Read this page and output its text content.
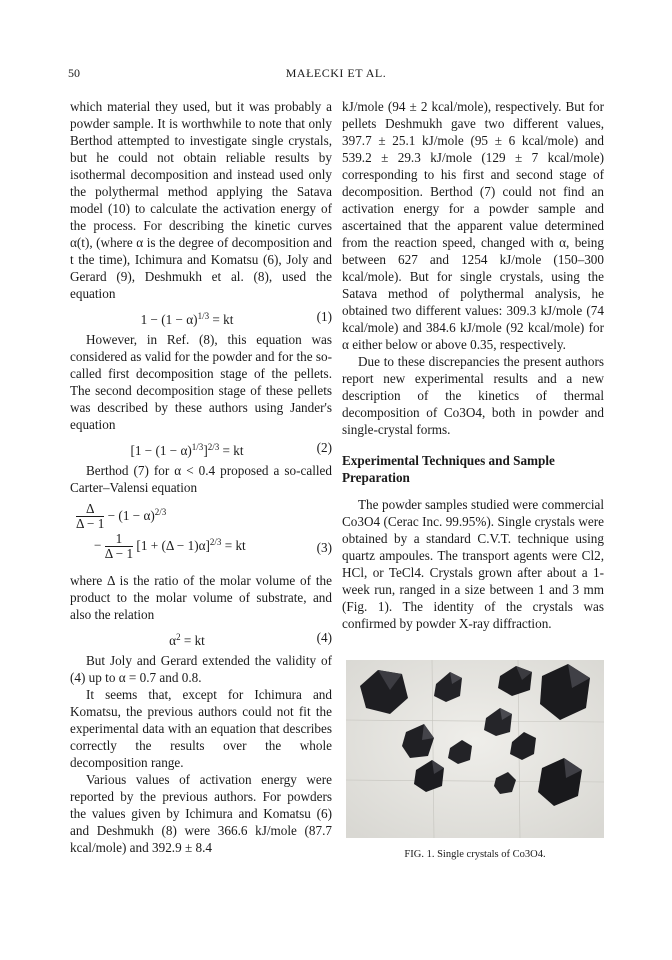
50	MAŁECKI ET AL.

which material they used, but it was probably a powder sample. It is worthwhile to note that only Berthod attempted to investigate single crystals, but he could not obtain reliable results by isothermal decomposition and instead used only the polythermal method applying the Satava model (10) to calculate the activation energy of the process. For describing the kinetic curves α(t), (where α is the degree of decomposition and t the time), Ichimura and Komatsu (6), Joly and Gerard (9), Deshmukh et al. (8), used the equation

$1 - (1 - \alpha)^{1/3}$ = kt	(1)

However, in Ref. (8), this equation was considered as valid for the powder and for the so-called first decomposition stage of the pellets. The second decomposition stage of these pellets was described by these authors using Jander's equation

$[1 - (1 - \alpha)^{1/3}]^{2/3}$ = kt	(2)

Berthod (7) for α < 0.4 proposed a so-called Carter–Valensi equation

$\frac{\Delta}{\Delta - 1} - (1 - \alpha)^{2/3}$
− $\frac{1}{\Delta - 1} [1 + (\Delta - 1)\alpha]^{2/3}$ = kt	(3)

where Δ is the ratio of the molar volume of the product to the molar volume of substrate, and also the relation

$\alpha^2$ = kt	(4)

But Joly and Gerard extended the validity of (4) up to α = 0.7 and 0.8.

It seems that, except for Ichimura and Komatsu, the previous authors could not fit the experimental data with an equation that describes correctly the results over the whole decomposition range.

Various values of activation energy were reported by the previous authors. For powders the values given by Ichimura and Komatsu (6) and Deshmukh (8) were 366.6 kJ/mole (87.7 kcal/mole) and 392.9 ± 8.4

kJ/mole (94 ± 2 kcal/mole), respectively. But for pellets Deshmukh gave two different values, 397.7 ± 25.1 kJ/mole (95 ± 6 kcal/mole) and 539.2 ± 29.3 kJ/mole (129 ± 7 kcal/mole) corresponding to his first and second stage of decomposition. Berthod (7) could not find an activation energy for a powder sample and ascertained that the apparent value determined from the reaction speed, changed with α, being between 627 and 1254 kJ/mole (150–300 kcal/mole). But for single crystals, using the Satava method of polythermal analysis, he obtained two different values: 309.3 kJ/mole (74 kcal/mole) and 384.6 kJ/mole (92 kcal/mole) for α either below or above 0.35, respectively.

Due to these discrepancies the present authors report new experimental results and a new description of the kinetics of thermal decomposition of Co3O4, both in powder and single-crystal forms.

Experimental Techniques and Sample Preparation

The powder samples studied were commercial Co3O4 (Cerac Inc. 99.95%). Single crystals were obtained by a standard C.V.T. technique using quartz ampoules. The transport agents were Cl2, HCl, or TeCl4. Crystals grown after about a 1-week run, ranged in a size between 1 and 3 mm (Fig. 1). The identity of the crystals was confirmed by powder X-ray diffraction.

FIG. 1. Single crystals of Co3O4.
